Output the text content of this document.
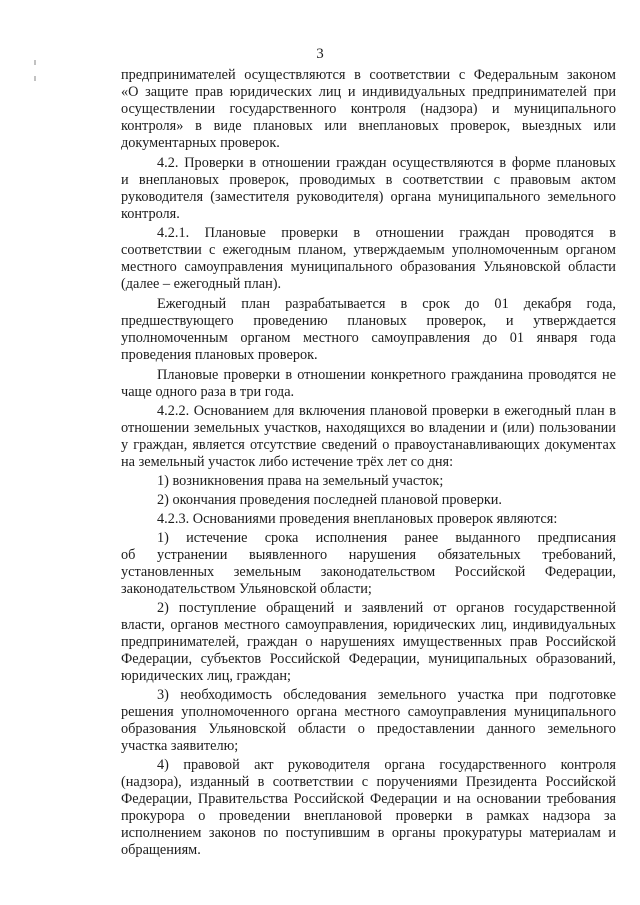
3

предпринимателей осуществляются в соответствии с Федеральным законом
«О защите прав юридических лиц и индивидуальных предпринимателей при
осуществлении государственного контроля (надзора) и муниципального
контроля» в виде плановых или внеплановых проверок, выездных или
документарных проверок.
4.2. Проверки в отношении граждан осуществляются в форме плановых
и внеплановых проверок, проводимых в соответствии с правовым актом
руководителя (заместителя руководителя) органа муниципального земельного
контроля.
4.2.1. Плановые проверки в отношении граждан проводятся в
соответствии с ежегодным планом, утверждаемым уполномоченным органом
местного самоуправления муниципального образования Ульяновской области
(далее – ежегодный план).
Ежегодный план разрабатывается в срок до 01 декабря года,
предшествующего проведению плановых проверок, и утверждается
уполномоченным органом местного самоуправления до 01 января года
проведения плановых проверок.
Плановые проверки в отношении конкретного гражданина проводятся не
чаще одного раза в три года.
4.2.2. Основанием для включения плановой проверки в ежегодный план в
отношении земельных участков, находящихся во владении и (или) пользовании
у граждан, является отсутствие сведений о правоустанавливающих документах
на земельный участок либо истечение трёх лет со дня:
1) возникновения права на земельный участок;
2) окончания проведения последней плановой проверки.
4.2.3. Основаниями проведения внеплановых проверок являются:
1) истечение срока исполнения ранее выданного предписания
об устранении выявленного нарушения обязательных требований,
установленных земельным законодательством Российской Федерации,
законодательством Ульяновской области;
2) поступление обращений и заявлений от органов государственной
власти, органов местного самоуправления, юридических лиц, индивидуальных
предпринимателей, граждан о нарушениях имущественных прав Российской
Федерации, субъектов Российской Федерации, муниципальных образований,
юридических лиц, граждан;
3) необходимость обследования земельного участка при подготовке
решения уполномоченного органа местного самоуправления муниципального
образования Ульяновской области о предоставлении данного земельного
участка заявителю;
4) правовой акт руководителя органа государственного контроля
(надзора), изданный в соответствии с поручениями Президента Российской
Федерации, Правительства Российской Федерации и на основании требования
прокурора о проведении внеплановой проверки в рамках надзора за
исполнением законов по поступившим в органы прокуратуры материалам и
обращениям.
